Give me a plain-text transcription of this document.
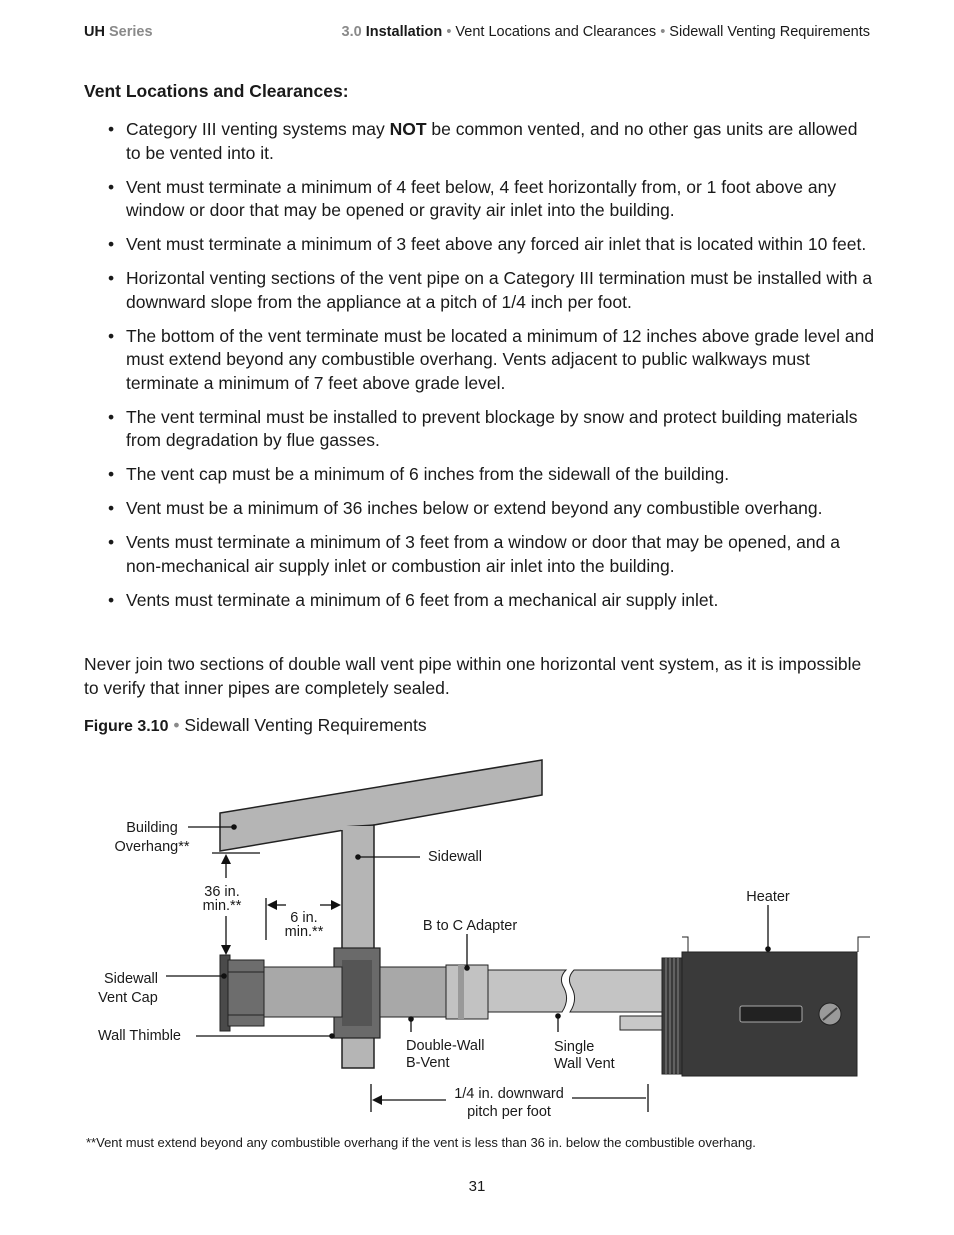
UH Series	3.0 Installation • Vent Locations and Clearances • Sidewall Venting Requirements
Vent Locations and Clearances:
• Category III venting systems may NOT be common vented, and no other gas units are allowed to be vented into it.
• Vent must terminate a minimum of 4 feet below, 4 feet horizontally from, or 1 foot above any window or door that may be opened or gravity air inlet into the building.
• Vent must terminate a minimum of 3 feet above any forced air inlet that is located within 10 feet.
• Horizontal venting sections of the vent pipe on a Category III termination must be installed with a downward slope from the appliance at a pitch of 1/4 inch per foot.
• The bottom of the vent terminate must be located a minimum of 12 inches above grade level and must extend beyond any combustible overhang. Vents adjacent to public walkways must terminate a minimum of 7 feet above grade level.
• The vent terminal must be installed to prevent blockage by snow and protect building materials from degradation by flue gasses.
• The vent cap must be a minimum of 6 inches from the sidewall of the building.
• Vent must be a minimum of 36 inches below or extend beyond any combustible overhang.
• Vents must terminate a minimum of 3 feet from a window or door that may be opened, and a non-mechanical air supply inlet or combustion air inlet into the building.
• Vents must terminate a minimum of 6 feet from a mechanical air supply inlet.

Never join two sections of double wall vent pipe within one horizontal vent system, as it is impossible to verify that inner pipes are completely sealed.

Figure 3.10 • Sidewall Venting Requirements
Building
Overhang**
Sidewall
Heater
36 in.
min.**
6 in.
min.**	B to C Adapter
Sidewall
Vent Cap
Wall Thimble
Double-Wall
B-Vent
Single
Wall Vent
1/4 in. downward
pitch per foot
**Vent must extend beyond any combustible overhang if the vent is less than 36 in. below the combustible overhang.
31
